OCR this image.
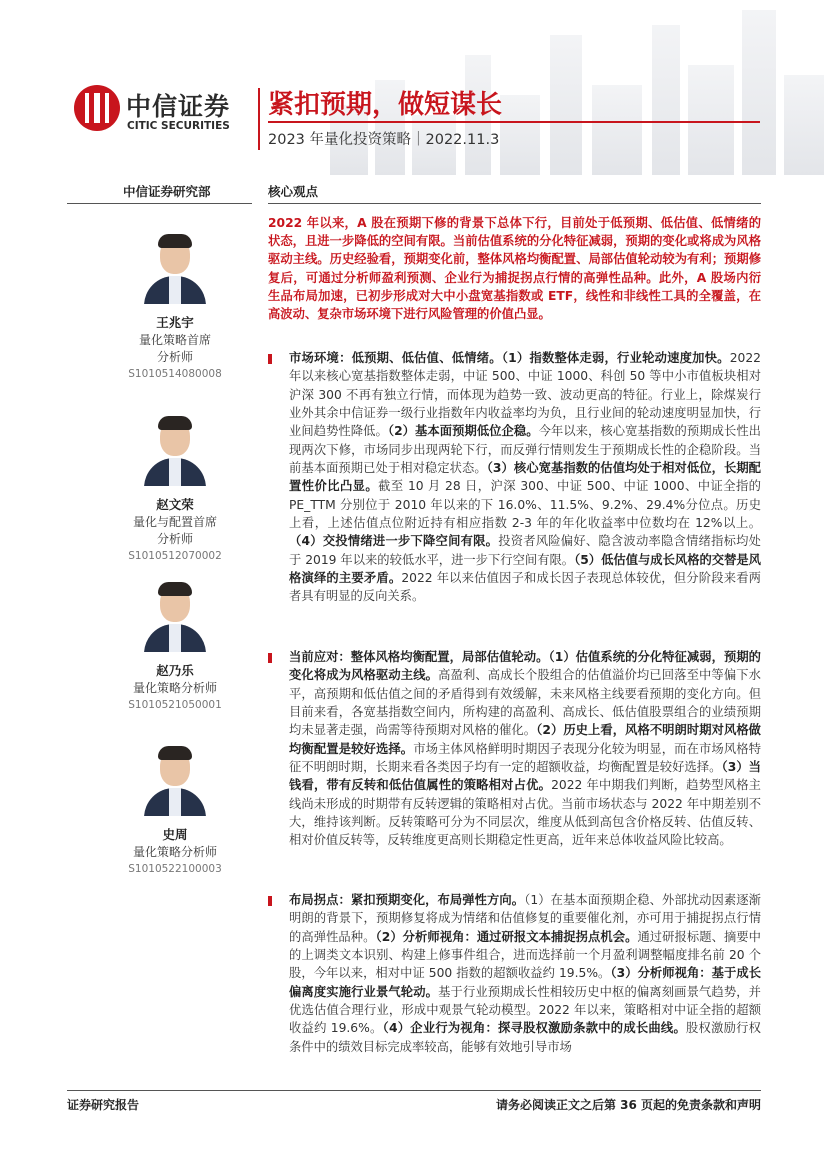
中信证券
CITIC SECURITIES
紧扣预期，做短谋长
2023 年量化投资策略｜2022.11.3
中信证券研究部	核心观点
王兆宇
量化策略首席
分析师
S1010514080008
赵文荣
量化与配置首席
分析师
S1010512070002
赵乃乐
量化策略分析师
S1010521050001
史周
量化策略分析师
S1010522100003
2022 年以来，A 股在预期下修的背景下总体下行，目前处于低预期、低估值、低情绪的状态，且进一步降低的空间有限。当前估值系统的分化特征减弱，预期的变化或将成为风格驱动主线。历史经验看，预期变化前，整体风格均衡配置、局部估值轮动较为有利；预期修复后，可通过分析师盈利预测、企业行为捕捉拐点行情的高弹性品种。此外，A 股场内衍生品布局加速，已初步形成对大中小盘宽基指数或 ETF，线性和非线性工具的全覆盖，在高波动、复杂市场环境下进行风险管理的价值凸显。

市场环境：低预期、低估值、低情绪。（1）指数整体走弱，行业轮动速度加快。2022 年以来核心宽基指数整体走弱，中证 500、中证 1000、科创 50 等中小市值板块相对沪深 300 不再有独立行情，而体现为趋势一致、波动更高的特征。行业上，除煤炭行业外其余中信证券一级行业指数年内收益率均为负，且行业间的轮动速度明显加快，行业间趋势性降低。（2）基本面预期低位企稳。今年以来，核心宽基指数的预期成长性出现两次下修，市场同步出现两轮下行，而反弹行情则发生于预期成长性的企稳阶段。当前基本面预期已处于相对稳定状态。（3）核心宽基指数的估值均处于相对低位，长期配置性价比凸显。截至 10 月 28 日，沪深 300、中证 500、中证 1000、中证全指的 PE_TTM 分别位于 2010 年以来的下 16.0%、11.5%、9.2%、29.4%分位点。历史上看，上述估值点位附近持有相应指数 2-3 年的年化收益率中位数均在 12%以上。（4）交投情绪进一步下降空间有限。投资者风险偏好、隐含波动率隐含情绪指标均处于 2019 年以来的较低水平，进一步下行空间有限。（5）低估值与成长风格的交替是风格演绎的主要矛盾。2022 年以来估值因子和成长因子表现总体较优，但分阶段来看两者具有明显的反向关系。

当前应对：整体风格均衡配置，局部估值轮动。（1）估值系统的分化特征减弱，预期的变化将成为风格驱动主线。高盈利、高成长个股组合的估值溢价均已回落至中等偏下水平，高预期和低估值之间的矛盾得到有效缓解，未来风格主线要看预期的变化方向。但目前来看，各宽基指数空间内，所构建的高盈利、高成长、低估值股票组合的业绩预期均未显著走强，尚需等待预期对风格的催化。（2）历史上看，风格不明朗时期对风格做均衡配置是较好选择。市场主体风格鲜明时期因子表现分化较为明显，而在市场风格特征不明朗时期，长期来看各类因子均有一定的超额收益，均衡配置是较好选择。（3）当钱看，带有反转和低估值属性的策略相对占优。2022 年中期我们判断，趋势型风格主线尚未形成的时期带有反转逻辑的策略相对占优。当前市场状态与 2022 年中期差别不大，维持该判断。反转策略可分为不同层次，维度从低到高包含价格反转、估值反转、相对价值反转等，反转维度更高则长期稳定性更高，近年来总体收益风险比较高。

布局拐点：紧扣预期变化，布局弹性方向。（1）在基本面预期企稳、外部扰动因素逐渐明朗的背景下，预期修复将成为情绪和估值修复的重要催化剂，亦可用于捕捉拐点行情的高弹性品种。（2）分析师视角：通过研报文本捕捉拐点机会。通过研报标题、摘要中的上调类文本识别、构建上修事件组合，进而选择前一个月盈利调整幅度排名前 20 个股，今年以来，相对中证 500 指数的超额收益约 19.5%。（3）分析师视角：基于成长偏离度实施行业景气轮动。基于行业预期成长性相较历史中枢的偏离刻画景气趋势，并优选估值合理行业，形成中观景气轮动模型。2022 年以来，策略相对中证全指的超额收益约 19.6%。（4）企业行为视角：探寻股权激励条款中的成长曲线。股权激励行权条件中的绩效目标完成率较高，能够有效地引导市场

证券研究报告	请务必阅读正文之后第 36 页起的免责条款和声明
